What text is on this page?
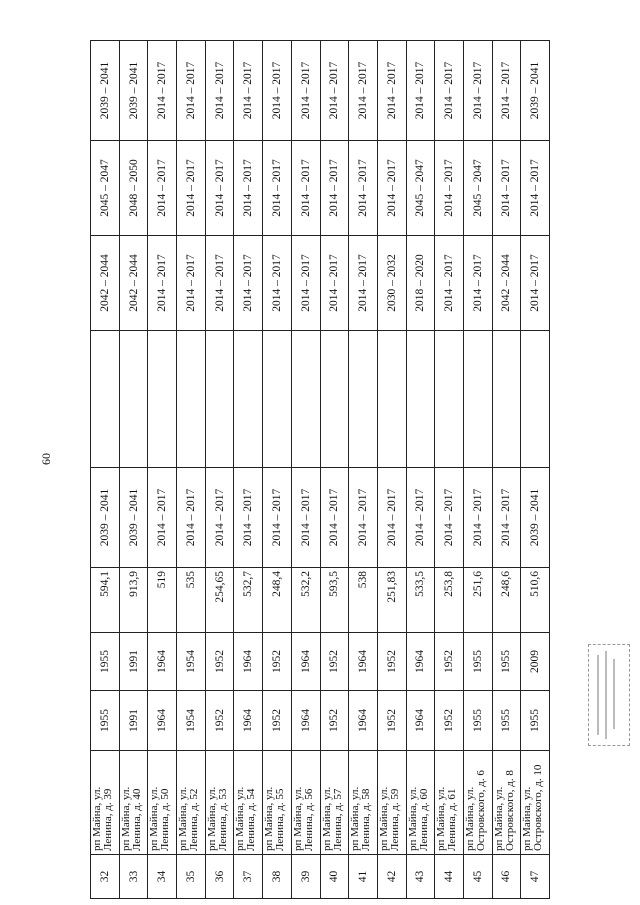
60
32	рп Майна, ул. Ленина, д. 39	1955	1955	594,1	2039 – 2041		2042 – 2044	2045 – 2047	2039 – 2041
33	рп Майна, ул. Ленина, д. 40	1991	1991	913,9	2039 – 2041		2042 – 2044	2048 – 2050	2039 – 2041
34	рп Майна, ул. Ленина, д. 50	1964	1964	519	2014 – 2017		2014 – 2017	2014 – 2017	2014 – 2017
35	рп Майна, ул. Ленина, д. 52	1954	1954	535	2014 – 2017		2014 – 2017	2014 – 2017	2014 – 2017
36	рп Майна, ул. Ленина, д. 53	1952	1952	254,65	2014 – 2017		2014 – 2017	2014 – 2017	2014 – 2017
37	рп Майна, ул. Ленина, д. 54	1964	1964	532,7	2014 – 2017		2014 – 2017	2014 – 2017	2014 – 2017
38	рп Майна, ул. Ленина, д. 55	1952	1952	248,4	2014 – 2017		2014 – 2017	2014 – 2017	2014 – 2017
39	рп Майна, ул. Ленина, д. 56	1964	1964	532,2	2014 – 2017		2014 – 2017	2014 – 2017	2014 – 2017
40	рп Майна, ул. Ленина, д. 57	1952	1952	593,5	2014 – 2017		2014 – 2017	2014 – 2017	2014 – 2017
41	рп Майна, ул. Ленина, д. 58	1964	1964	538	2014 – 2017		2014 – 2017	2014 – 2017	2014 – 2017
42	рп Майна, ул. Ленина, д. 59	1952	1952	251,83	2014 – 2017		2030 – 2032	2014 – 2017	2014 – 2017
43	рп Майна, ул. Ленина, д. 60	1964	1964	533,5	2014 – 2017		2018 – 2020	2045 – 2047	2014 – 2017
44	рп Майна, ул. Ленина, д. 61	1952	1952	253,8	2014 – 2017		2014 – 2017	2014 – 2017	2014 – 2017
45	рп Майна, ул. Островского, д. 6	1955	1955	251,6	2014 – 2017		2014 – 2017	2045 – 2047	2014 – 2017
46	рп Майна, ул. Островского, д. 8	1955	1955	248,6	2014 – 2017		2042 – 2044	2014 – 2017	2014 – 2017
47	рп Майна, ул. Островского, д. 10	1955	2009	510,6	2039 – 2041		2014 – 2017	2014 – 2017	2039 – 2041
